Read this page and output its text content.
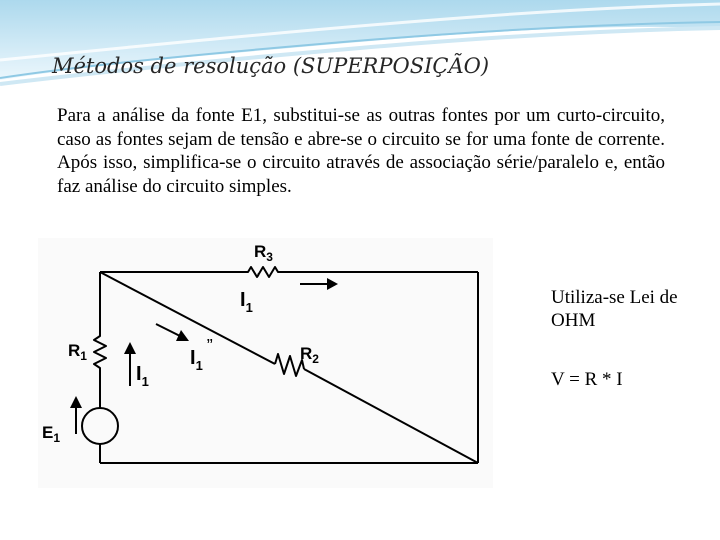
Métodos de resolução (SUPERPOSIÇÃO)

Para a análise da fonte E1, substitui-se as outras fontes por um curto-circuito, caso as fontes sejam de tensão e abre-se o circuito se for uma fonte de corrente. Após isso, simplifica-se o circuito através de associação série/paralelo e, então faz análise do circuito simples.

$R_3$
$I_1^’$
$R_1$
$I_1$
$I_1$”	$R_2$
$E_1$
Utiliza-se Lei de OHM
V = R * I
